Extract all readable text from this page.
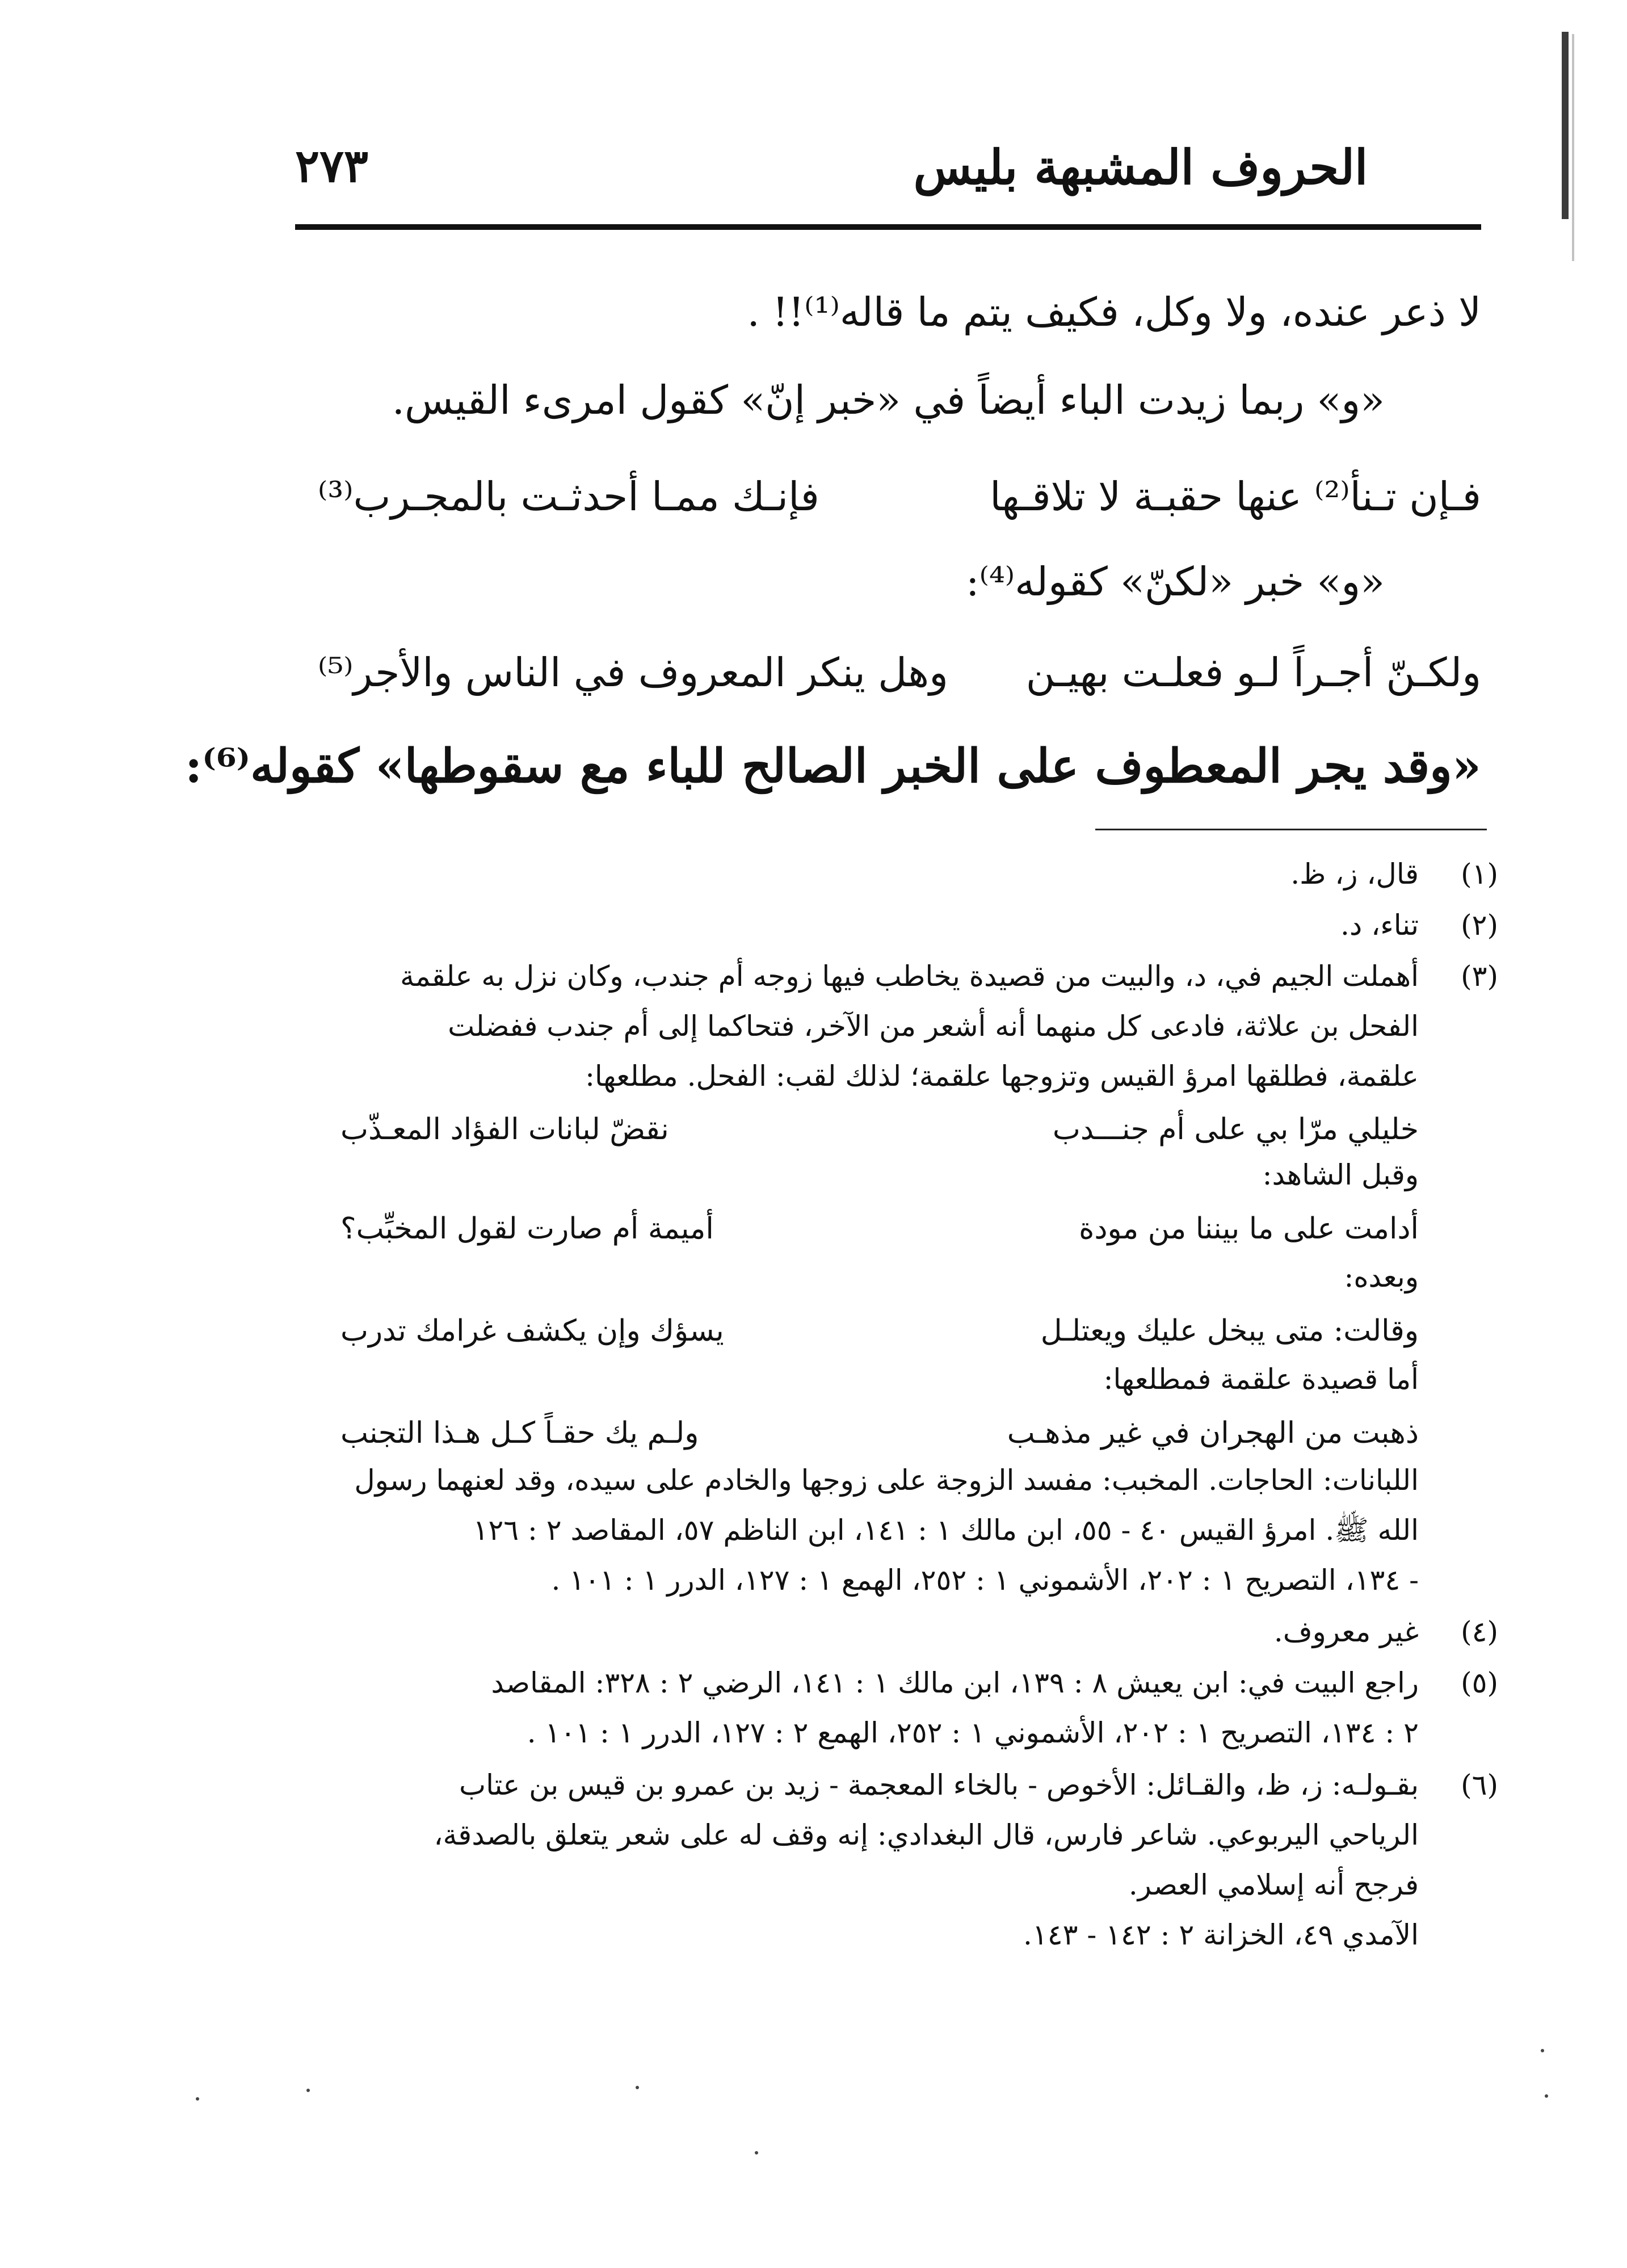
٢٧٣	الحروف المشبهة بليس
لا ذعر عنده، ولا وكل، فكيف يتم ما قاله⁽¹⁾!! .
«و» ربما زيدت الباء أيضاً في «خبر إنّ» كقول امرىء القيس.
فـإن تـنأ⁽²⁾ عنها حقبـة لا تلاقـها
فإنـك ممـا أحدثـت بالمجـرب⁽³⁾
«و» خبر «لكنّ» كقوله⁽⁴⁾:
ولكـنّ أجـراً لـو فعلـت بهيـن
وهل ينكر المعروف في الناس والأجر⁽⁵⁾
«وقد يجر المعطوف على الخبر الصالح للباء مع سقوطها» كقوله⁽⁶⁾:
(١)
قال، ز، ظ.
(٢)
تناء، د.
(٣)
أهملت الجيم في، د، والبيت من قصيدة يخاطب فيها زوجه أم جندب، وكان نزل به علقمة
الفحل بن علاثة، فادعى كل منهما أنه أشعر من الآخر، فتحاكما إلى أم جندب ففضلت
علقمة، فطلقها امرؤ القيس وتزوجها علقمة؛ لذلك لقب: الفحل. مطلعها:
خليلي مرّا بي على أم جنـــدب
نقضّ لبانات الفؤاد المعـذّب
وقبل الشاهد:
أدامت على ما بيننا من مودة
أميمة أم صارت لقول المخبِّب؟
وبعده:
وقالت: متى يبخل عليك ويعتلـل
يسؤك وإن يكشف غرامك تدرب
أما قصيدة علقمة فمطلعها:
ذهبت من الهجران في غير مذهـب
ولـم يك حقـاً كـل هـذا التجنب
اللبانات: الحاجات. المخبب: مفسد الزوجة على زوجها والخادم على سيده، وقد لعنهما رسول
الله ﷺ. امرؤ القيس ٤٠ - ٥٥، ابن مالك ١ : ١٤١، ابن الناظم ٥٧، المقاصد ٢ : ١٢٦
- ١٣٤، التصريح ١ : ٢٠٢، الأشموني ١ : ٢٥٢، الهمع ١ : ١٢٧، الدرر ١ : ١٠١ .
(٤)
غير معروف.
(٥)
راجع البيت في: ابن يعيش ٨ : ١٣٩، ابن مالك ١ : ١٤١، الرضي ٢ : ٣٢٨: المقاصد
٢ : ١٣٤، التصريح ١ : ٢٠٢، الأشموني ١ : ٢٥٢، الهمع ٢ : ١٢٧، الدرر ١ : ١٠١ .
(٦)
بقـولـه: ز، ظ، والقـائل: الأخوص - بالخاء المعجمة - زيد بن عمرو بن قيس بن عتاب
الرياحي اليربوعي. شاعر فارس، قال البغدادي: إنه وقف له على شعر يتعلق بالصدقة،
فرجح أنه إسلامي العصر.
الآمدي ٤٩، الخزانة ٢ : ١٤٢ - ١٤٣.
